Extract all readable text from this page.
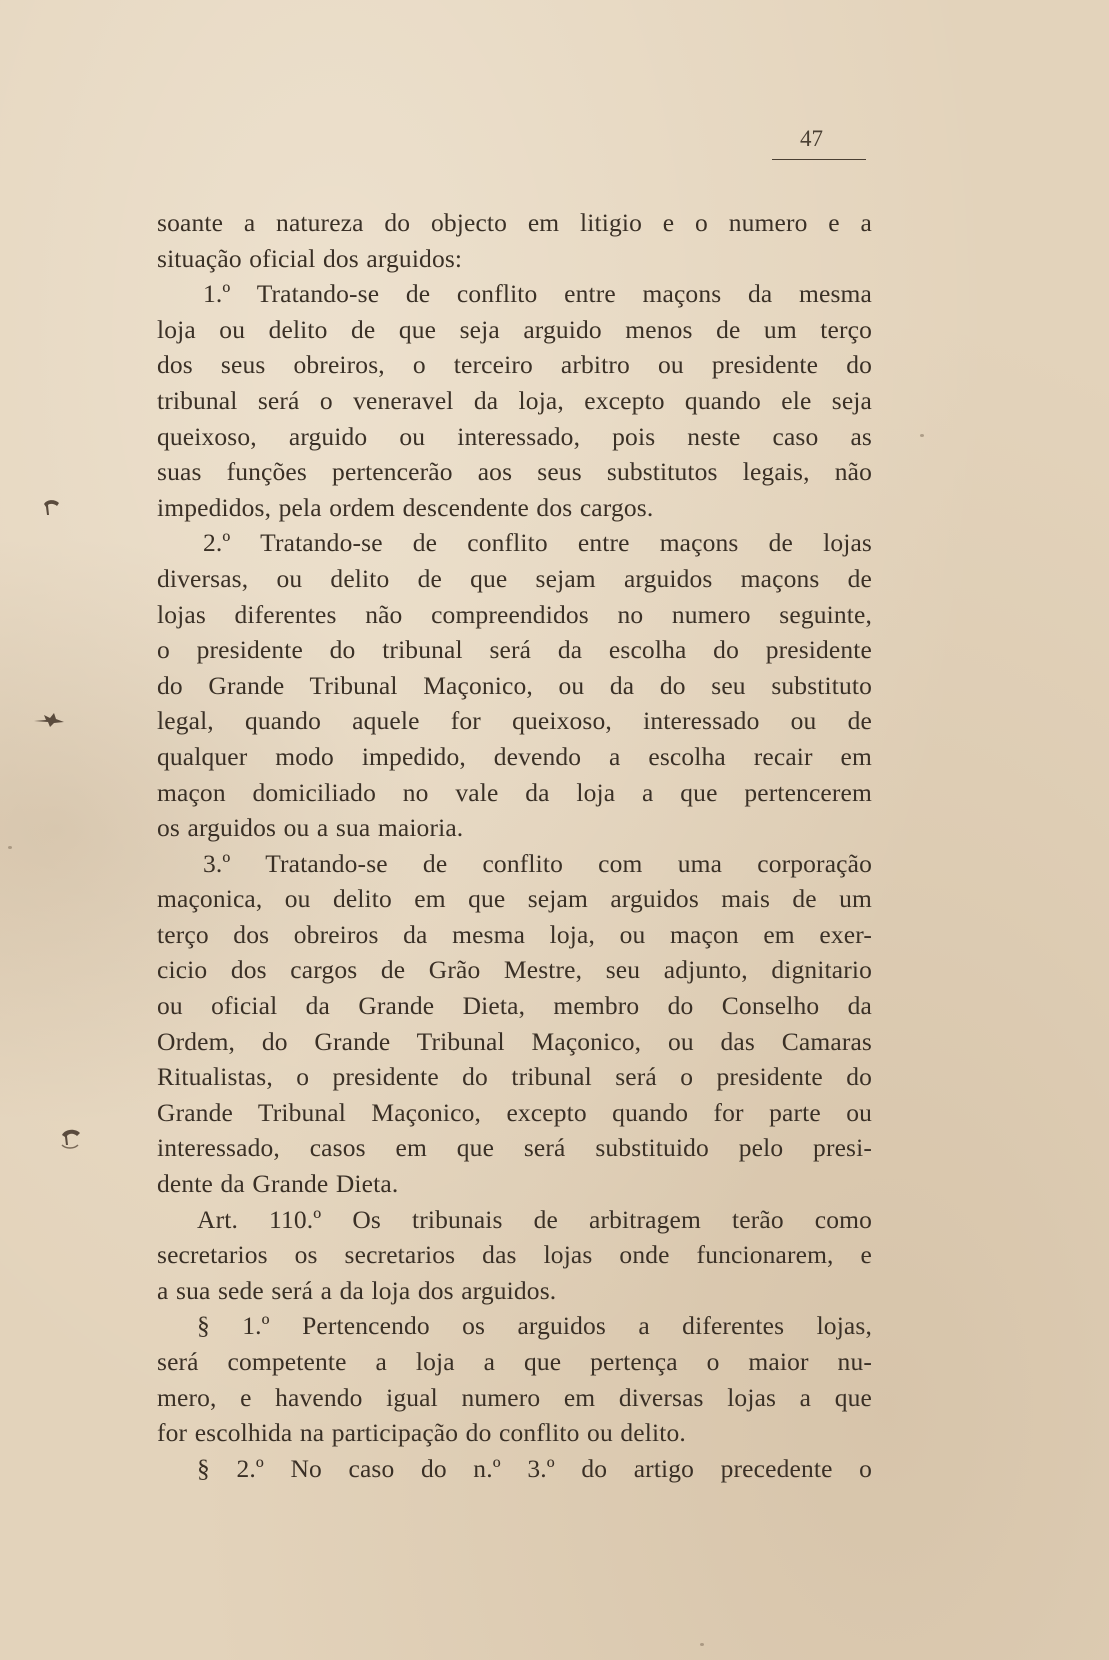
47
soante a natureza do objecto em litigio e o numero e a
situação oficial dos arguidos:
1.º Tratando-se de conflito entre maçons da mesma
loja ou delito de que seja arguido menos de um terço
dos seus obreiros, o terceiro arbitro ou presidente do
tribunal será o veneravel da loja, excepto quando ele seja
queixoso, arguido ou interessado, pois neste caso as
suas funções pertencerão aos seus substitutos legais, não
impedidos, pela ordem descendente dos cargos.
2.º Tratando-se de conflito entre maçons de lojas
diversas, ou delito de que sejam arguidos maçons de
lojas diferentes não compreendidos no numero seguinte,
o presidente do tribunal será da escolha do presidente
do Grande Tribunal Maçonico, ou da do seu substituto
legal, quando aquele for queixoso, interessado ou de
qualquer modo impedido, devendo a escolha recair em
maçon domiciliado no vale da loja a que pertencerem
os arguidos ou a sua maioria.
3.º Tratando-se de conflito com uma corporação
maçonica, ou delito em que sejam arguidos mais de um
terço dos obreiros da mesma loja, ou maçon em exer-
cicio dos cargos de Grão Mestre, seu adjunto, dignitario
ou oficial da Grande Dieta, membro do Conselho da
Ordem, do Grande Tribunal Maçonico, ou das Camaras
Ritualistas, o presidente do tribunal será o presidente do
Grande Tribunal Maçonico, excepto quando for parte ou
interessado, casos em que será substituido pelo presi-
dente da Grande Dieta.
Art. 110.º Os tribunais de arbitragem terão como
secretarios os secretarios das lojas onde funcionarem, e
a sua sede será a da loja dos arguidos.
§ 1.º Pertencendo os arguidos a diferentes lojas,
será competente a loja a que pertença o maior nu-
mero, e havendo igual numero em diversas lojas a que
for escolhida na participação do conflito ou delito.
§ 2.º No caso do n.º 3.º do artigo precedente o
